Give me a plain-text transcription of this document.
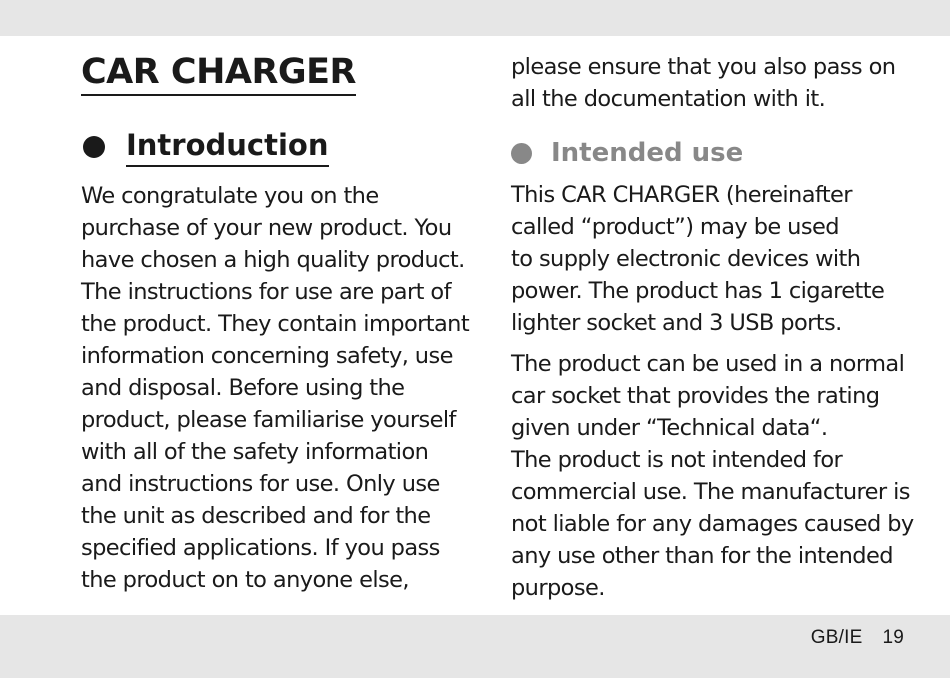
CAR CHARGER
Introduction

We congratulate you on the
purchase of your new product. You
have chosen a high quality product.
The instructions for use are part of
the product. They contain important
information concerning safety, use
and disposal. Before using the
product, please familiarise yourself
with all of the safety information
and instructions for use. Only use
the unit as described and for the
specified applications. If you pass
the product on to anyone else,

please ensure that you also pass on
all the documentation with it.

Intended use

This CAR CHARGER (hereinafter
called “product”) may be used
to supply electronic devices with
power. The product has 1 cigarette
lighter socket and 3 USB ports.

The product can be used in a normal
car socket that provides the rating
given under “Technical data“.
The product is not intended for
commercial use. The manufacturer is
not liable for any damages caused by
any use other than for the intended
purpose.

GB/IE 19
